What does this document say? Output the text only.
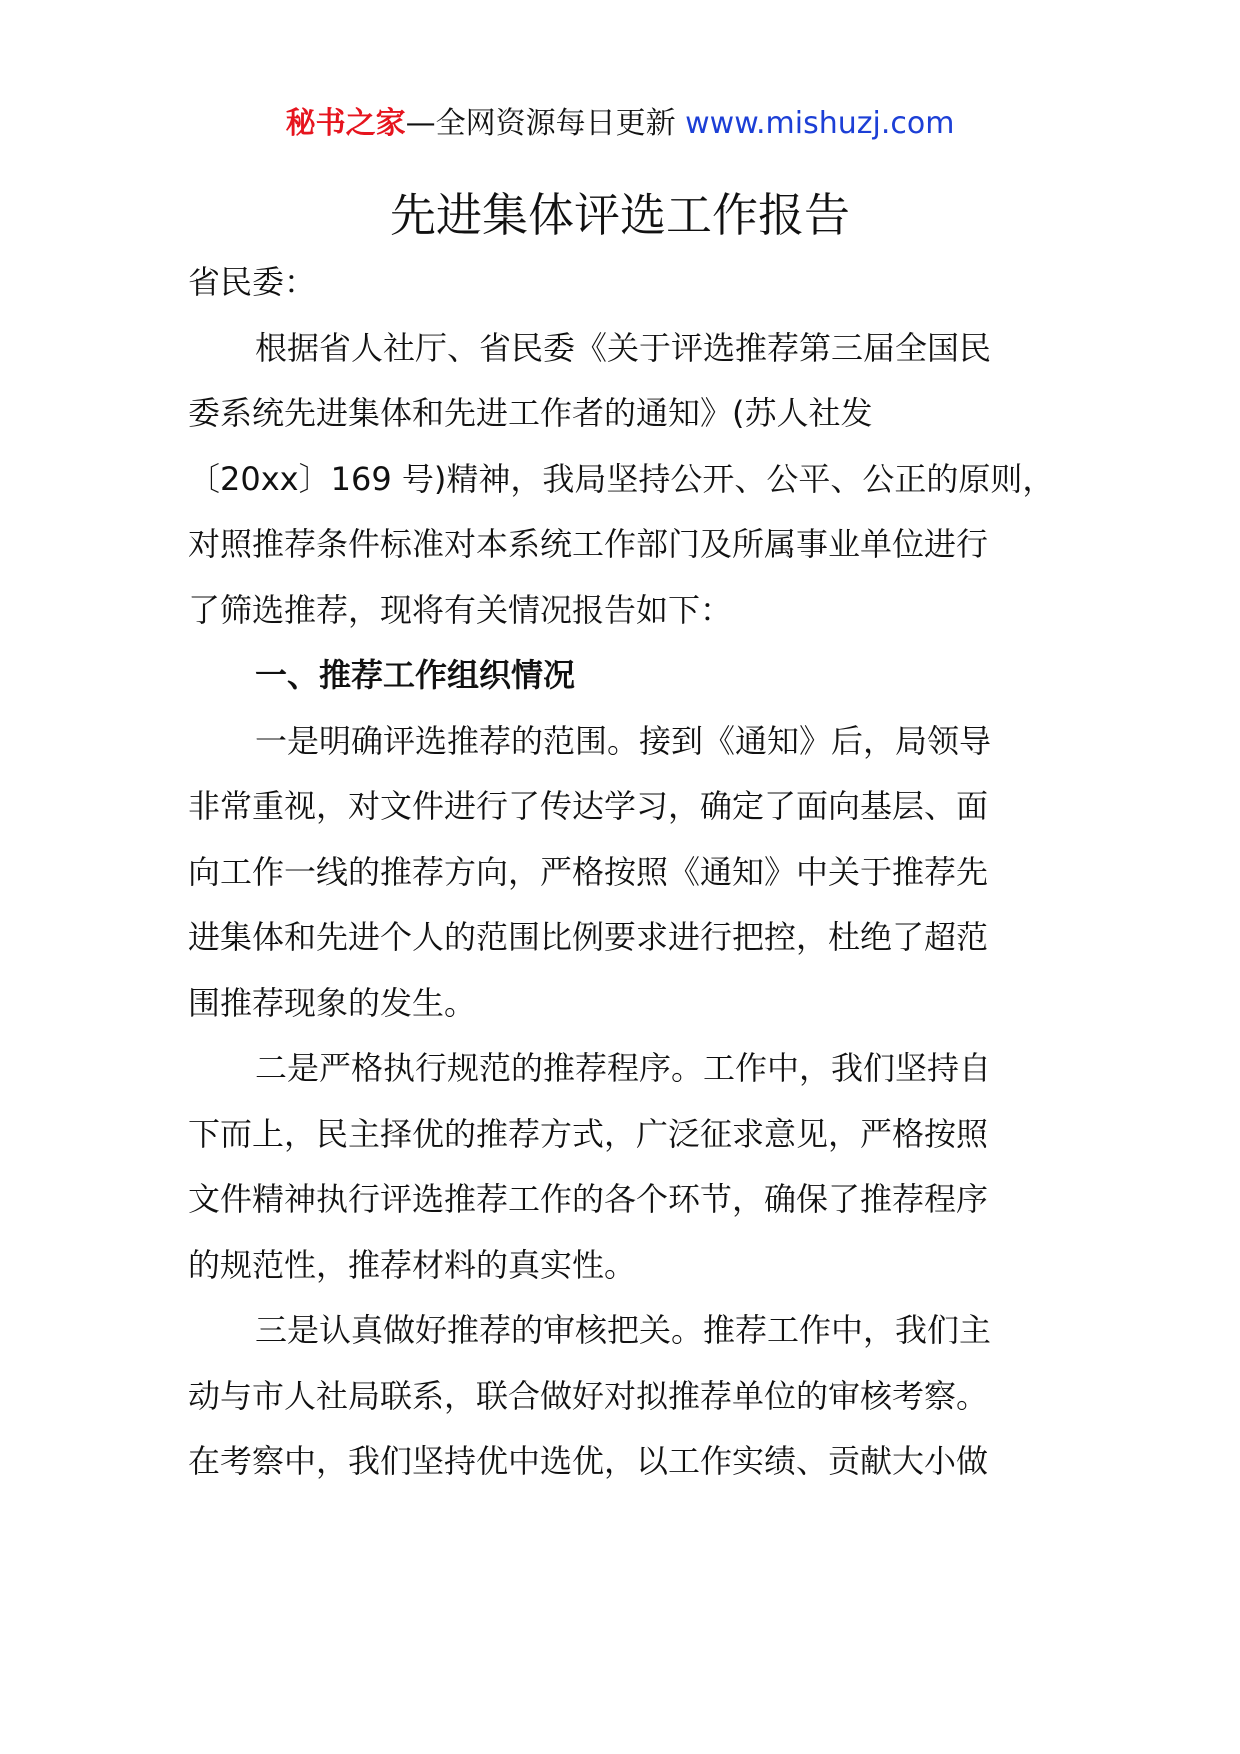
秘书之家—全网资源每日更新 www.mishuzj.com
先进集体评选工作报告
省民委：
根据省人社厅、省民委《关于评选推荐第三届全国民
委系统先进集体和先进工作者的通知》(苏人社发
〔20xx〕169 号)精神，我局坚持公开、公平、公正的原则，
对照推荐条件标准对本系统工作部门及所属事业单位进行
了筛选推荐，现将有关情况报告如下：
一、推荐工作组织情况
一是明确评选推荐的范围。接到《通知》后，局领导
非常重视，对文件进行了传达学习，确定了面向基层、面
向工作一线的推荐方向，严格按照《通知》中关于推荐先
进集体和先进个人的范围比例要求进行把控，杜绝了超范
围推荐现象的发生。
二是严格执行规范的推荐程序。工作中，我们坚持自
下而上，民主择优的推荐方式，广泛征求意见，严格按照
文件精神执行评选推荐工作的各个环节，确保了推荐程序
的规范性，推荐材料的真实性。
三是认真做好推荐的审核把关。推荐工作中，我们主
动与市人社局联系，联合做好对拟推荐单位的审核考察。
在考察中，我们坚持优中选优，以工作实绩、贡献大小做
